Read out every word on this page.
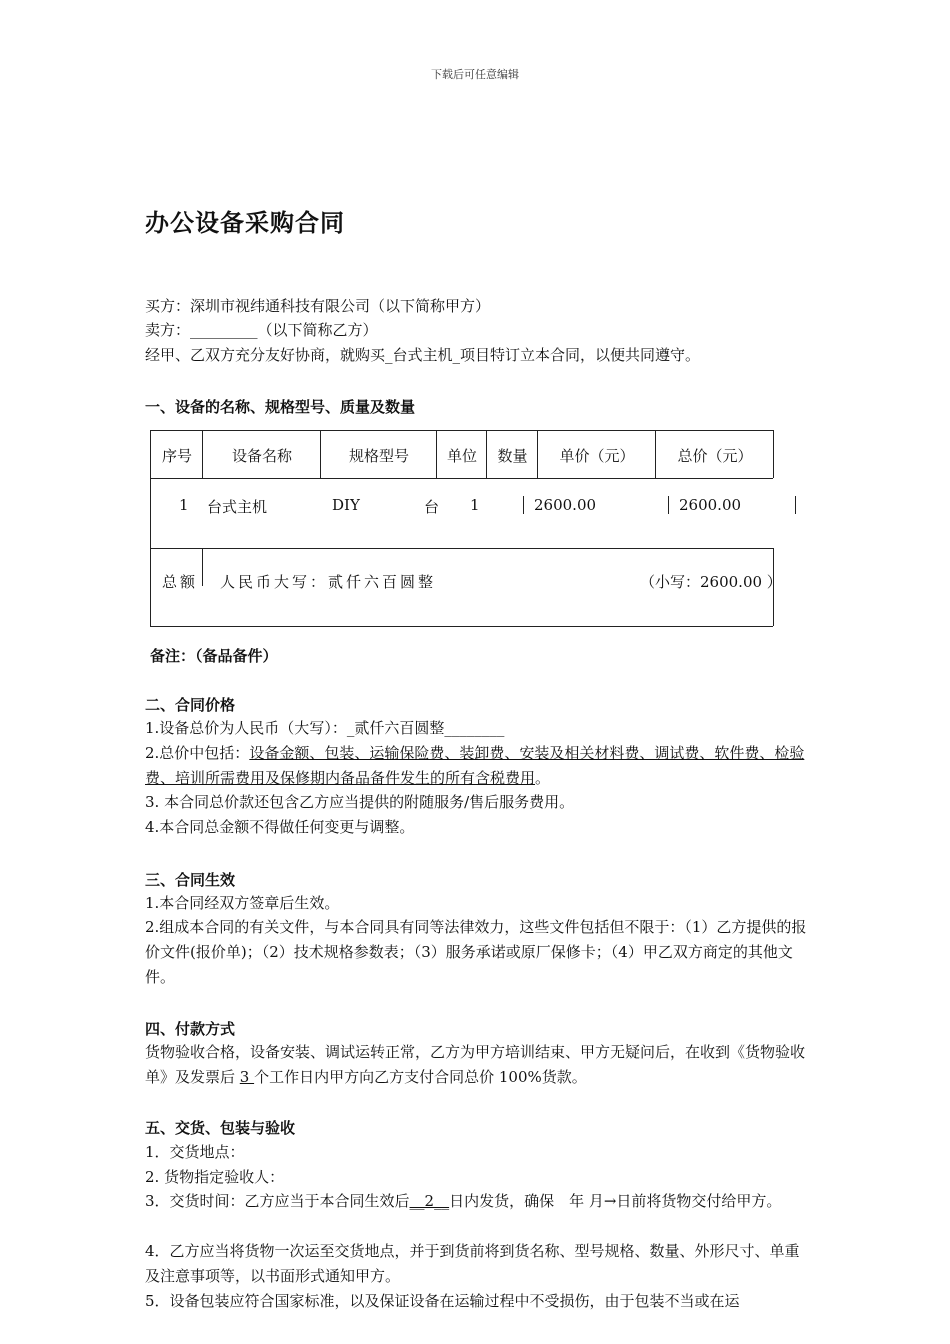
下载后可任意编辑
办公设备采购合同
买方：深圳市视纬通科技有限公司（以下简称甲方）
卖方：_________（以下简称乙方）
经甲、乙双方充分友好协商，就购买_台式主机_项目特订立本合同，以便共同遵守。
一、设备的名称、规格型号、质量及数量
序号	设备名称	规格型号	单位	数量	单价（元）	总价（元）
1 台式主机	DIY	台 1	2600.00	2600.00
总额 人民币大写：贰仟六百圆整	（小写：2600.00 ）
备注：（备品备件）
二、合同价格
1.设备总价为人民币（大写）：_贰仟六百圆整________
2.总价中包括：设备金额、包装、运输保险费、装卸费、安装及相关材料费、调试费、软件费、检验费、培训所需费用及保修期内备品备件发生的所有含税费用。
3. 本合同总价款还包含乙方应当提供的附随服务/售后服务费用。
4.本合同总金额不得做任何变更与调整。
三、合同生效
1.本合同经双方签章后生效。
2.组成本合同的有关文件，与本合同具有同等法律效力，这些文件包括但不限于：（1）乙方提供的报价文件(报价单)；（2）技术规格参数表；（3）服务承诺或原厂保修卡；（4）甲乙双方商定的其他文件。
四、付款方式
货物验收合格，设备安装、调试运转正常，乙方为甲方培训结束、甲方无疑问后，在收到《货物验收单》及发票后 3 个工作日内甲方向乙方支付合同总价 100%货款。
五、交货、包装与验收
1．交货地点：
2. 货物指定验收人：
3．交货时间：乙方应当于本合同生效后__2__日内发货，确保　年 月→日前将货物交付给甲方。
4．乙方应当将货物一次运至交货地点，并于到货前将到货名称、型号规格、数量、外形尺寸、单重及注意事项等，以书面形式通知甲方。
5．设备包装应符合国家标准，以及保证设备在运输过程中不受损伤，由于包装不当或在运
